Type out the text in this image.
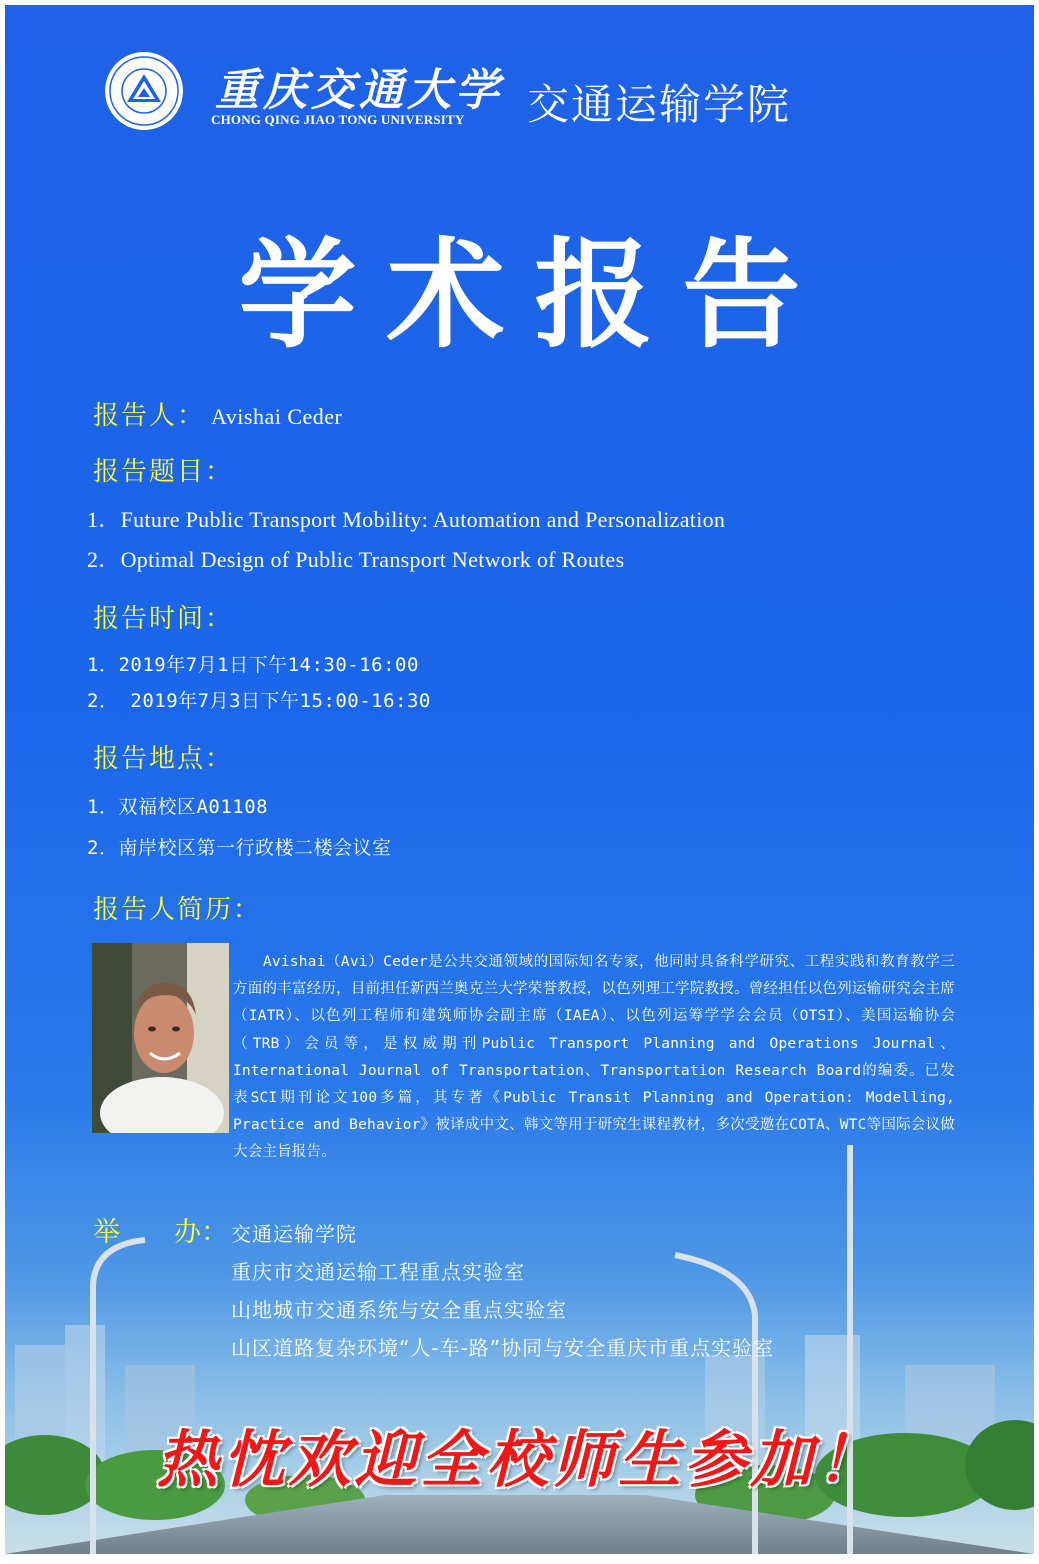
重庆交通大学
CHONG QING JIAO TONG UNIVERSITY 交通运输学院
学术报告
报告人： Avishai Ceder
报告题目：
1．Future Public Transport Mobility: Automation and Personalization
2．Optimal Design of Public Transport Network of Routes
报告时间：
1．2019年7月1日下午14:30-16:00
2． 2019年7月3日下午15:00-16:30
报告地点：
1．双福校区A01108
2．南岸校区第一行政楼二楼会议室
报告人简历：
Avishai（Avi）Ceder是公共交通领域的国际知名专家，他同时具备科学研究、工程实践和教育教学三方面的丰富经历，目前担任新西兰奥克兰大学荣誉教授，以色列理工学院教授。曾经担任以色列运输研究会主席（IATR）、以色列工程师和建筑师协会副主席（IAEA）、以色列运筹学学会会员（OTSI）、美国运输协会（TRB）会员等，是权威期刊Public Transport Planning and Operations Journal、International Journal of Transportation、Transportation Research Board的编委。已发表SCI期刊论文100多篇，其专著《Public Transit Planning and Operation: Modelling, Practice and Behavior》被译成中文、韩文等用于研究生课程教材，多次受邀在COTA、WTC等国际会议做大会主旨报告。
举　　办： 交通运输学院
重庆市交通运输工程重点实验室
山地城市交通系统与安全重点实验室
山区道路复杂环境“人-车-路”协同与安全重庆市重点实验室
热忱欢迎全校师生参加！
